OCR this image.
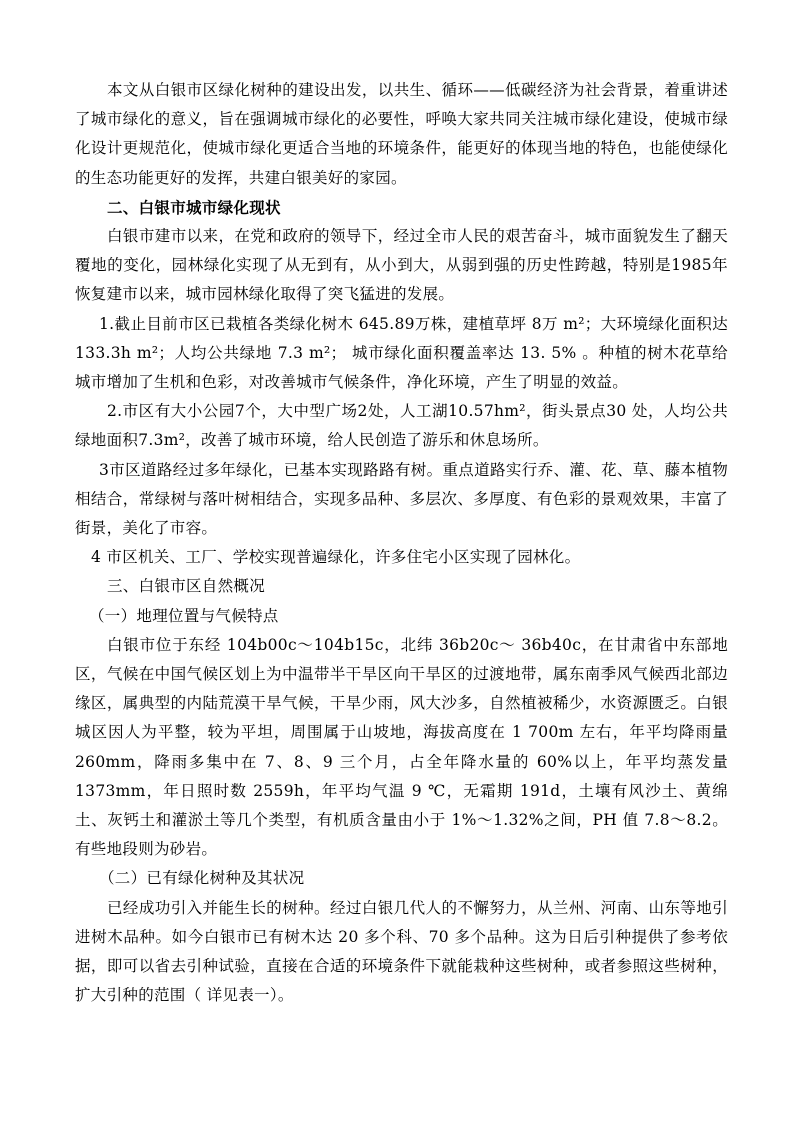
本文从白银市区绿化树种的建设出发，以共生、循环——低碳经济为社会背景，着重讲述了城市绿化的意义，旨在强调城市绿化的必要性，呼唤大家共同关注城市绿化建设，使城市绿化设计更规范化，使城市绿化更适合当地的环境条件，能更好的体现当地的特色，也能使绿化的生态功能更好的发挥，共建白银美好的家园。

二、白银市城市绿化现状

白银市建市以来，在党和政府的领导下，经过全市人民的艰苦奋斗，城市面貌发生了翻天覆地的变化，园林绿化实现了从无到有，从小到大，从弱到强的历史性跨越，特别是1985年恢复建市以来，城市园林绿化取得了突飞猛进的发展。

1.截止目前市区已栽植各类绿化树木 645.89万株，建植草坪 8万 m²；大环境绿化面积达 133.3h m²；人均公共绿地 7.3 m²； 城市绿化面积覆盖率达 13. 5% 。种植的树木花草给城市增加了生机和色彩，对改善城市气候条件，净化环境，产生了明显的效益。

2.市区有大小公园7个，大中型广场2处，人工湖10.57hm²，街头景点30 处，人均公共绿地面积7.3m²，改善了城市环境，给人民创造了游乐和休息场所。

3市区道路经过多年绿化，已基本实现路路有树。重点道路实行乔、灌、花、草、藤本植物相结合，常绿树与落叶树相结合，实现多品种、多层次、多厚度、有色彩的景观效果，丰富了街景，美化了市容。

4 市区机关、工厂、学校实现普遍绿化，许多住宅小区实现了园林化。

三、白银市区自然概况

（一）地理位置与气候特点

白银市位于东经 104b00c～104b15c，北纬 36b20c～ 36b40c，在甘肃省中东部地区，气候在中国气候区划上为中温带半干旱区向干旱区的过渡地带，属东南季风气候西北部边缘区，属典型的内陆荒漠干旱气候，干旱少雨，风大沙多，自然植被稀少，水资源匮乏。白银城区因人为平整，较为平坦，周围属于山坡地，海拔高度在 1 700m 左右，年平均降雨量 260mm，降雨多集中在 7、8、9 三个月，占全年降水量的 60%以上，年平均蒸发量 1373mm，年日照时数 2559h，年平均气温 9 ℃，无霜期 191d，土壤有风沙土、黄绵土、灰钙土和灌淤土等几个类型，有机质含量由小于 1%～1.32%之间，PH 值 7.8～8.2。有些地段则为砂岩。

（二）已有绿化树种及其状况

已经成功引入并能生长的树种。经过白银几代人的不懈努力，从兰州、河南、山东等地引进树木品种。如今白银市已有树木达 20 多个科、70 多个品种。这为日后引种提供了参考依据，即可以省去引种试验，直接在合适的环境条件下就能栽种这些树种，或者参照这些树种，扩大引种的范围（ 详见表一）。
